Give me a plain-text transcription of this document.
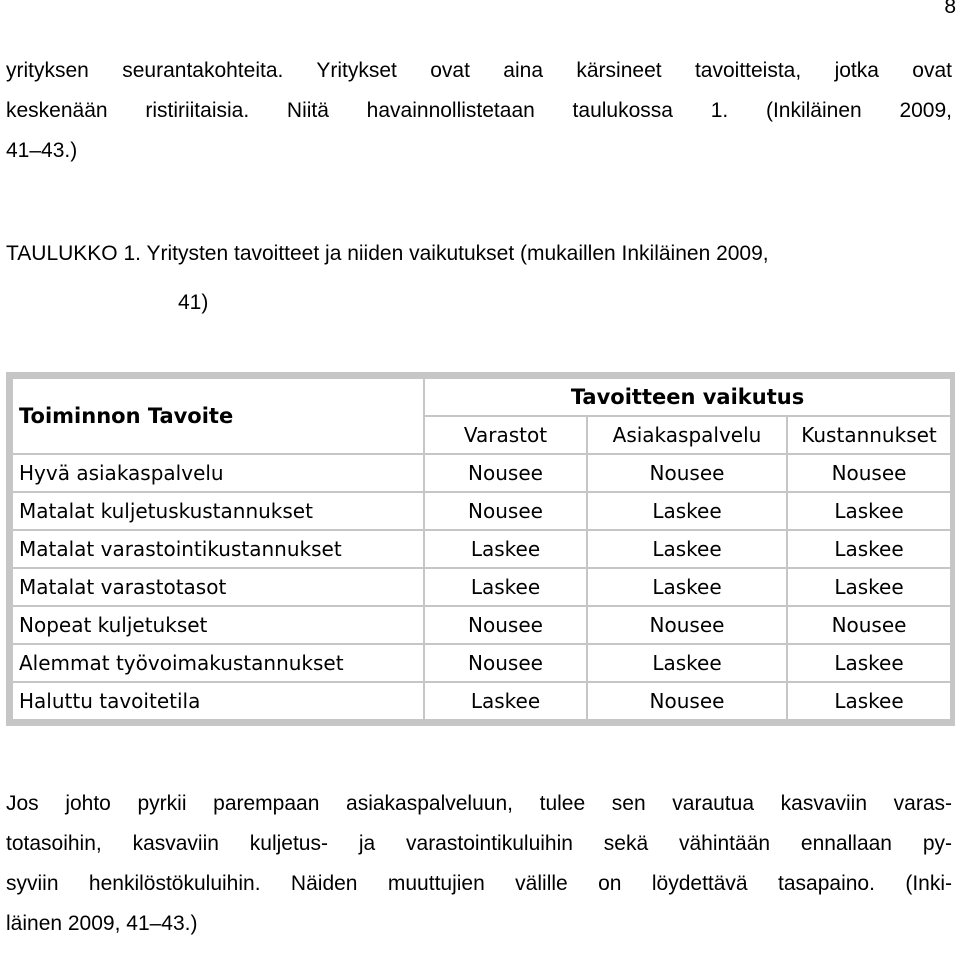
8
yrityksen seurantakohteita. Yritykset ovat aina kärsineet tavoitteista, jotka ovat
keskenään ristiriitaisia. Niitä havainnollistetaan taulukossa 1. (Inkiläinen 2009,
41–43.)
TAULUKKO 1. Yritysten tavoitteet ja niiden vaikutukset (mukaillen Inkiläinen 2009,
41)
Toiminnon Tavoite	Tavoitteen vaikutus		
	Varastot	Asiakaspalvelu	Kustannukset
Hyvä asiakaspalvelu	Nousee	Nousee	Nousee
Matalat kuljetuskustannukset	Nousee	Laskee	Laskee
Matalat varastointikustannukset	Laskee	Laskee	Laskee
Matalat varastotasot	Laskee	Laskee	Laskee
Nopeat kuljetukset	Nousee	Nousee	Nousee
Alemmat työvoimakustannukset	Nousee	Laskee	Laskee
Haluttu tavoitetila	Laskee	Nousee	Laskee
Jos johto pyrkii parempaan asiakaspalveluun, tulee sen varautua kasvaviin varas-
totasoihin, kasvaviin kuljetus- ja varastointikuluihin sekä vähintään ennallaan py-
syviin henkilöstökuluihin. Näiden muuttujien välille on löydettävä tasapaino. (Inki-
läinen 2009, 41–43.)
